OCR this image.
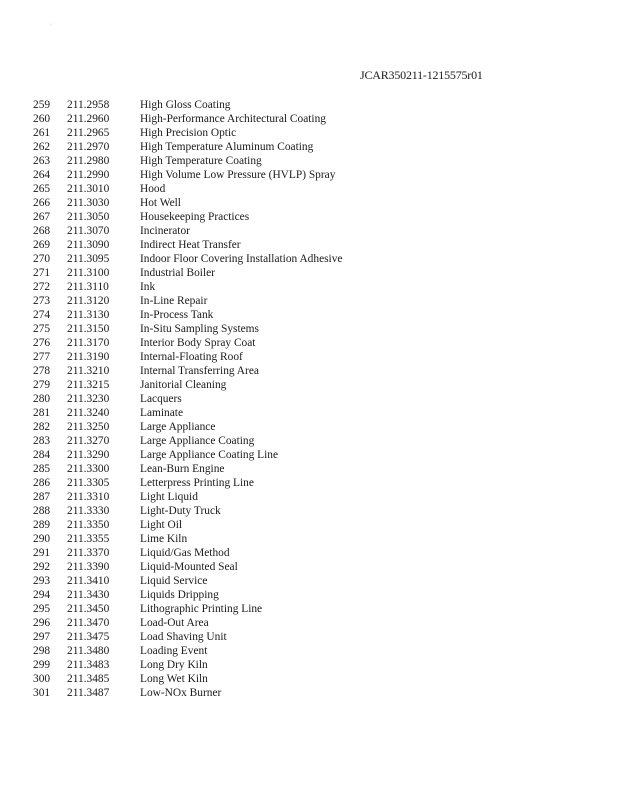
·
JCAR350211-1215575r01
259 211.2958	High Gloss Coating
260 211.2960	High-Performance Architectural Coating
261 211.2965	High Precision Optic
262 211.2970	High Temperature Aluminum Coating
263 211.2980	High Temperature Coating
264 211.2990	High Volume Low Pressure (HVLP) Spray
265 211.3010	Hood
266 211.3030	Hot Well
267 211.3050	Housekeeping Practices
268 211.3070	Incinerator
269 211.3090	Indirect Heat Transfer
270 211.3095	Indoor Floor Covering Installation Adhesive
271 211.3100	Industrial Boiler
272 211.3110	Ink
273 211.3120	In-Line Repair
274 211.3130	In-Process Tank
275 211.3150	In-Situ Sampling Systems
276 211.3170	Interior Body Spray Coat
277 211.3190	Internal-Floating Roof
278 211.3210	Internal Transferring Area
279 211.3215	Janitorial Cleaning
280 211.3230	Lacquers
281 211.3240	Laminate
282 211.3250	Large Appliance
283 211.3270	Large Appliance Coating
284 211.3290	Large Appliance Coating Line
285 211.3300	Lean-Burn Engine
286 211.3305	Letterpress Printing Line
287 211.3310	Light Liquid
288 211.3330	Light-Duty Truck
289 211.3350	Light Oil
290 211.3355	Lime Kiln
291 211.3370	Liquid/Gas Method
292 211.3390	Liquid-Mounted Seal
293 211.3410	Liquid Service
294 211.3430	Liquids Dripping
295 211.3450	Lithographic Printing Line
296 211.3470	Load-Out Area
297 211.3475	Load Shaving Unit
298 211.3480	Loading Event
299 211.3483	Long Dry Kiln
300 211.3485	Long Wet Kiln
301 211.3487	Low-NOx Burner
